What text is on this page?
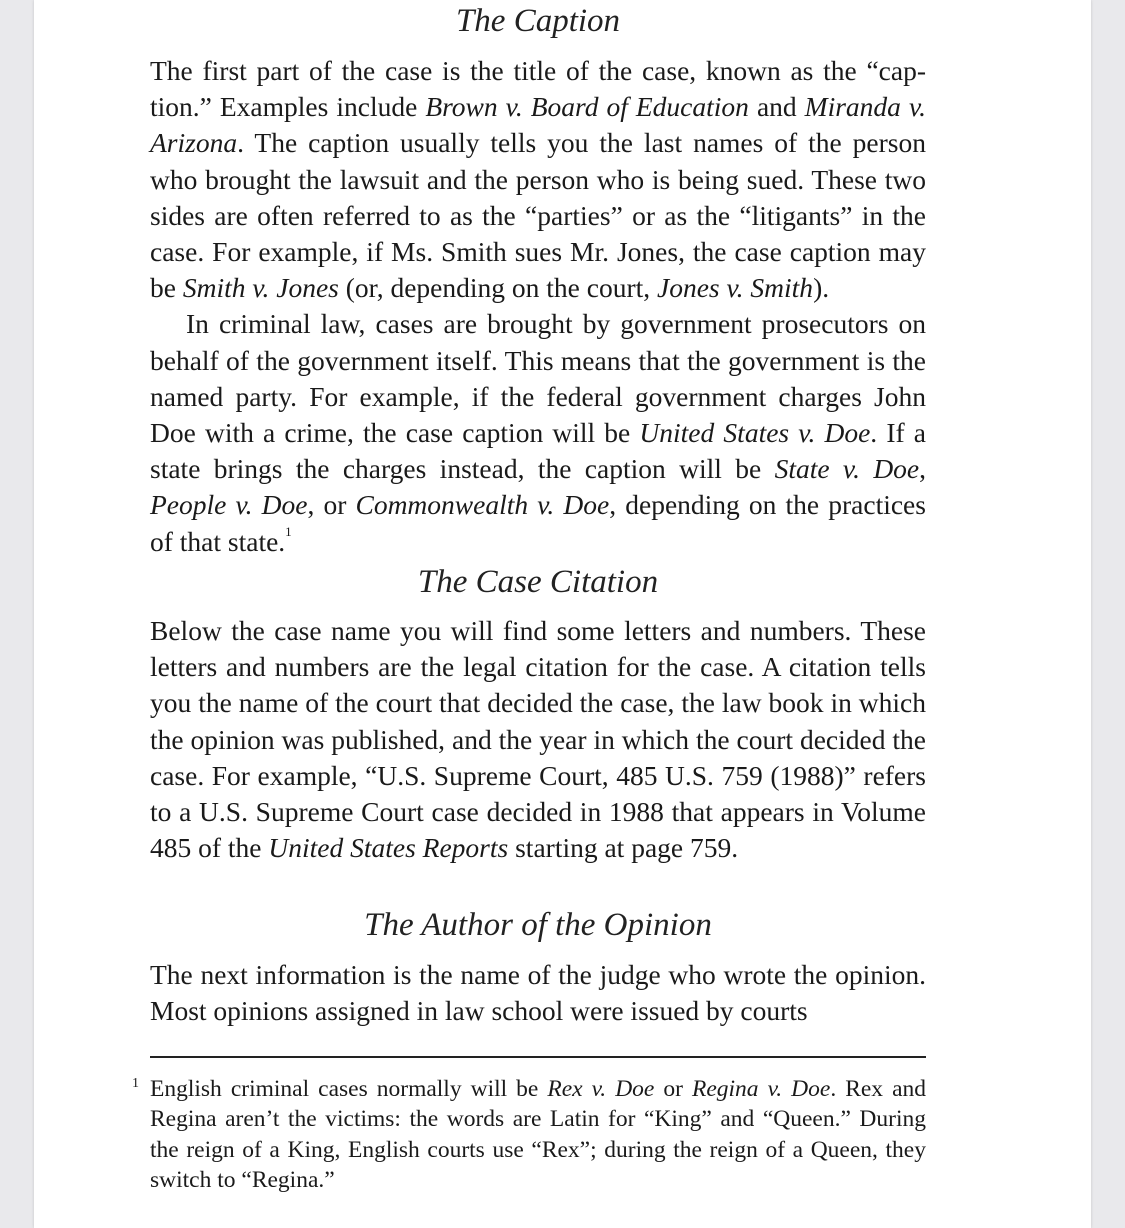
The Caption

The first part of the case is the title of the case, known as the “caption.” Examples include Brown v. Board of Education and Miranda v. Arizona. The caption usually tells you the last names of the person who brought the lawsuit and the person who is being sued. These two sides are often referred to as the “parties” or as the “litigants” in the case. For example, if Ms. Smith sues Mr. Jones, the case caption may be Smith v. Jones (or, depending on the court, Jones v. Smith).

In criminal law, cases are brought by government prosecutors on behalf of the government itself. This means that the government is the named party. For example, if the federal government charges John Doe with a crime, the case caption will be United States v. Doe. If a state brings the charges instead, the caption will be State v. Doe, People v. Doe, or Commonwealth v. Doe, depending on the practices of that state.$^1$

The Case Citation

Below the case name you will find some letters and numbers. These letters and numbers are the legal citation for the case. A citation tells you the name of the court that decided the case, the law book in which the opinion was published, and the year in which the court decided the case. For example, “U.S. Supreme Court, 485 U.S. 759 (1988)” refers to a U.S. Supreme Court case decided in 1988 that appears in Volume 485 of the United States Reports starting at page 759.

The Author of the Opinion

The next information is the name of the judge who wrote the opinion. Most opinions assigned in law school were issued by courts

1 English criminal cases normally will be Rex v. Doe or Regina v. Doe. Rex and Regina aren’t the victims: the words are Latin for “King” and “Queen.” During the reign of a King, English courts use “Rex”; during the reign of a Queen, they switch to “Regina.”
